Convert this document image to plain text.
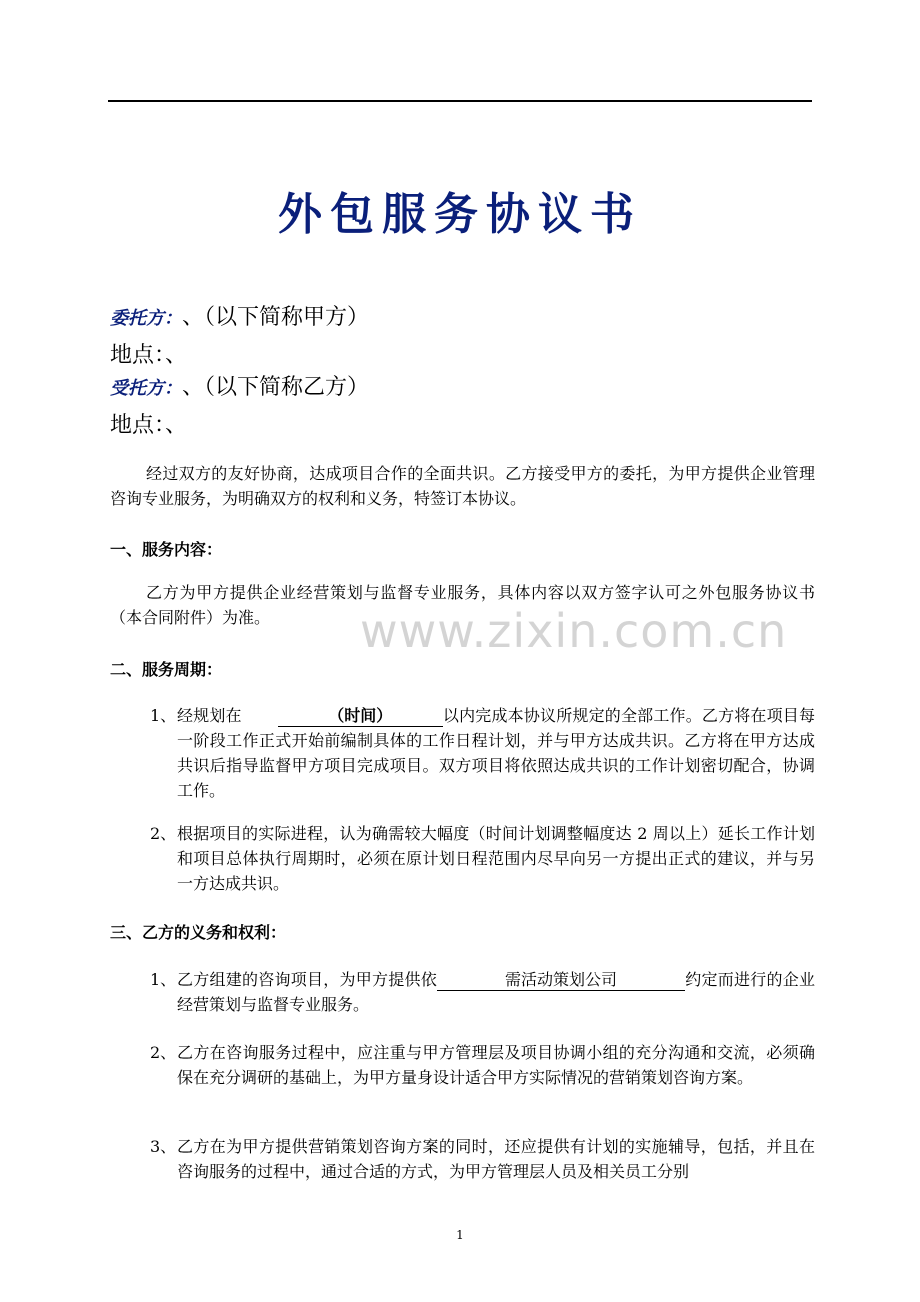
外包服务协议书
委托方：、（以下简称甲方）
地点：、
受托方：、（以下简称乙方）
地点：、
经过双方的友好协商，达成项目合作的全面共识。乙方接受甲方的委托，为甲方提供企业管理咨询专业服务，为明确双方的权利和义务，特签订本协议。
一、服务内容：
乙方为甲方提供企业经营策划与监督专业服务，具体内容以双方签字认可之外包服务协议书（本合同附件）为准。
二、服务周期：
1、 经规划在	（时间）	以内完成本协议所规定的全部工作。乙方将在项目每一阶段工作正式开始前编制具体的工作日程计划，并与甲方达成共识。乙方将在甲方达成共识后指导监督甲方项目完成项目。双方项目将依照达成共识的工作计划密切配合，协调工作。
2、 根据项目的实际进程，认为确需较大幅度（时间计划调整幅度达 2 周以上）延长工作计划和项目总体执行周期时，必须在原计划日程范围内尽早向另一方提出正式的建议，并与另一方达成共识。
三、乙方的义务和权利：
1、 乙方组建的咨询项目，为甲方提供依	需活动策划公司	约定而进行的企业经营策划与监督专业服务。
2、 乙方在咨询服务过程中，应注重与甲方管理层及项目协调小组的充分沟通和交流，必须确保在充分调研的基础上，为甲方量身设计适合甲方实际情况的营销策划咨询方案。
3、 乙方在为甲方提供营销策划咨询方案的同时，还应提供有计划的实施辅导，包括，并且在咨询服务的过程中，通过合适的方式，为甲方管理层人员及相关员工分别
www.zixin.com.cn
1
